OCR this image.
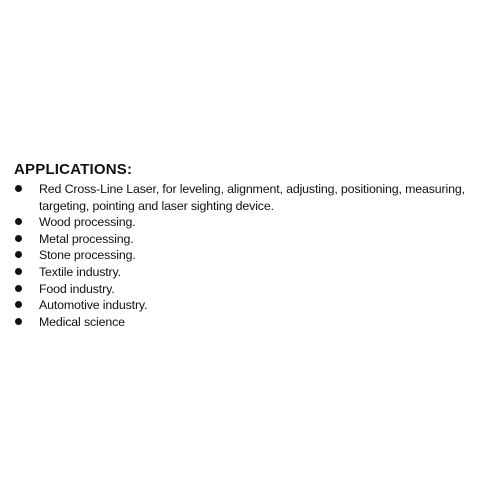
APPLICATIONS:
Red Cross-Line Laser, for leveling, alignment, adjusting, positioning, measuring, targeting, pointing and laser sighting device.
Wood processing.
Metal processing.
Stone processing.
Textile industry.
Food industry.
Automotive industry.
Medical science
